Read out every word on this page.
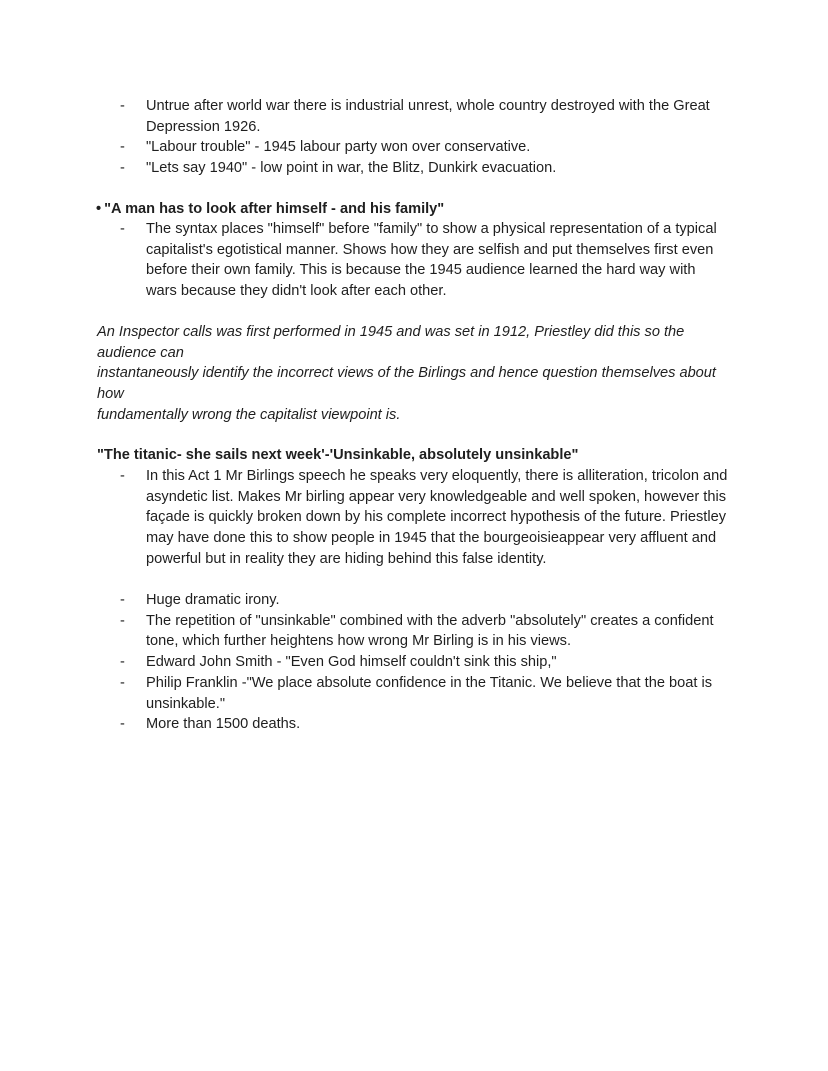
- Untrue after world war there is industrial unrest, whole country destroyed with the Great Depression 1926.
- "Labour trouble" - 1945 labour party won over conservative.
- "Lets say 1940" - low point in war, the Blitz, Dunkirk evacuation.
• "A man has to look after himself - and his family"
- The syntax places "himself" before "family" to show a physical representation of a typical capitalist's egotistical manner. Shows how they are selfish and put themselves first even before their own family. This is because the 1945 audience learned the hard way with wars because they didn't look after each other.

An Inspector calls was first performed in 1945 and was set in 1912, Priestley did this so the

audience can

instantaneously identify the incorrect views of the Birlings and hence question themselves about

how

fundamentally wrong the capitalist viewpoint is.

"The titanic- she sails next week'-'Unsinkable, absolutely unsinkable"
- In this Act 1 Mr Birlings speech he speaks very eloquently, there is alliteration, tricolon and asyndetic list. Makes Mr birling appear very knowledgeable and well spoken, however this façade is quickly broken down by his complete incorrect hypothesis of the future. Priestley may have done this to show people in 1945 that the bourgeoisieappear very affluent and powerful but in reality they are hiding behind this false identity.
- Huge dramatic irony.
- The repetition of "unsinkable" combined with the adverb "absolutely" creates a confident tone, which further heightens how wrong Mr Birling is in his views.
- Edward John Smith - "Even God himself couldn't sink this ship,"
- Philip Franklin -"We place absolute confidence in the Titanic. We believe that the boat is unsinkable."
- More than 1500 deaths.
